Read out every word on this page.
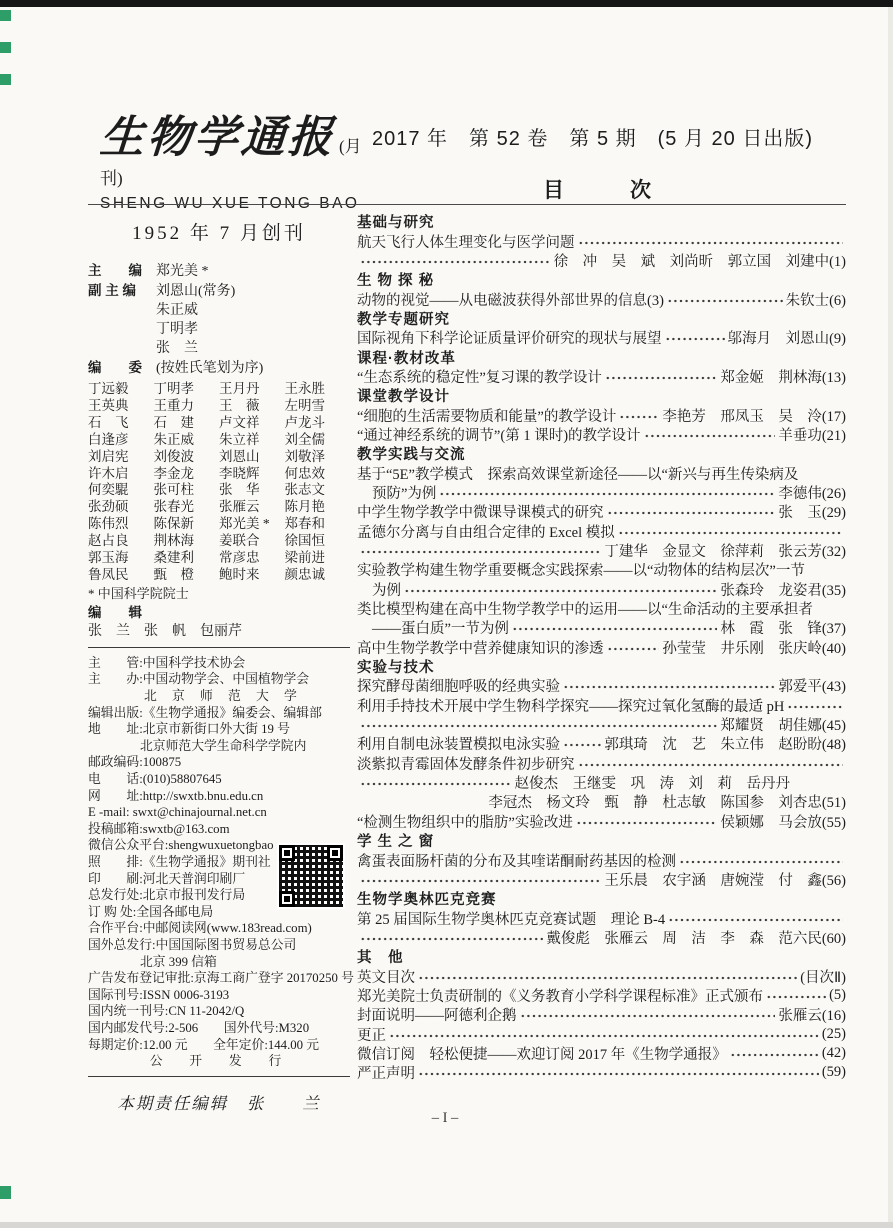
生物学通报 (月刊)
SHENG WU XUE TONG BAO
2017 年　第 52 卷　第 5 期　(5 月 20 日出版)
目　　次
1952 年 7 月创刊
主　　编 郑光美 *
副 主 编 刘恩山(常务)
朱正威
丁明孝
张　兰
编　　委 (按姓氏笔划为序)
丁远毅	丁明孝	王月丹	王永胜
王英典	王重力	王　薇	左明雪
石　飞	石　建	卢文祥	卢龙斗
白逢彦	朱正威	朱立祥	刘全儒
刘启宪	刘俊波	刘恩山	刘敬泽
许木启	李金龙	李晓辉	何忠效
何奕騉	张可柱	张　华	张志文
张劲硕	张春光	张雁云	陈月艳
陈伟烈	陈保新	郑光美 *	郑春和
赵占良	荆林海	姜联合	徐国恒
郭玉海	桑建利	常彦忠	梁前进
鲁凤民	甄　橙	鲍时来	颜忠诚
* 中国科学院院士
编　　辑
张　兰　张　帆　包丽芹
主　　管:中国科学技术协会
主　　办:中国动物学会、中国植物学会
北 京 师 范 大 学
编辑出版:《生物学通报》编委会、编辑部
地　　址:北京市新街口外大街 19 号
北京师范大学生命科学学院内
邮政编码:100875
电　　话:(010)58807645
网　　址:http://swxtb.bnu.edu.cn
E -mail: swxt@chinajournal.net.cn
投稿邮箱:swxtb@163.com
微信公众平台:shengwuxuetongbao
照　　排:《生物学通报》期刊社
印　　刷:河北天普润印刷厂
总发行处:北京市报刊发行局
订 购 处:全国各邮电局
合作平台:中邮阅读网(www.183read.com)
国外总发行:中国国际图书贸易总公司
北京 399 信箱
广告发布登记审批:京海工商广登字 20170250 号
国际刊号:ISSN 0006-3193
国内统一刊号:CN 11-2042/Q
国内邮发代号:2-506　　国外代号:M320
每期定价:12.00 元　　全年定价:144.00 元
公　开　发　行
本期责任编辑　张　　兰
基础与研究
航天飞行人体生理变化与医学问题
徐　冲　吴　斌　刘尚昕　郭立国　刘建中(1)
生 物 探 秘
动物的视觉——从电磁波获得外部世界的信息(3)	朱钦士(6)
教学专题研究
国际视角下科学论证质量评价研究的现状与展望	邬海月　刘恩山(9)
课程·教材改革
“生态系统的稳定性”复习课的教学设计	郑金姬　荆林海(13)
课堂教学设计
“细胞的生活需要物质和能量”的教学设计	李艳芳　邢凤玉　吴　泠(17)
“通过神经系统的调节”(第 1 课时)的教学设计	羊垂功(21)
教学实践与交流
基于“5E”教学模式　探索高效课堂新途径——以“新兴与再生传染病及
预防”为例	李德伟(26)
中学生物学教学中微课导课模式的研究	张　玉(29)
孟德尔分离与自由组合定律的 Excel 模拟
丁建华　金显文　徐萍莉　张云芳(32)
实验教学构建生物学重要概念实践探索——以“动物体的结构层次”一节
为例	张森玲　龙姿君(35)
类比模型构建在高中生物学教学中的运用——以“生命活动的主要承担者
——蛋白质”一节为例	林　霞　张　锋(37)
高中生物学教学中营养健康知识的渗透	孙莹莹　井乐刚　张庆岭(40)
实验与技术
探究酵母菌细胞呼吸的经典实验	郭爱平(43)
利用手持技术开展中学生物科学探究——探究过氧化氢酶的最适 pH
郑耀贤　胡佳娜(45)
利用自制电泳装置模拟电泳实验	郭琪琦　沈　艺　朱立伟　赵盼盼(48)
淡紫拟青霉固体发酵条件初步研究
赵俊杰　王继雯　巩　涛　刘　莉　岳丹丹
李冠杰　杨文玲　甄　静　杜志敏　陈国参　刘杏忠(51)
“检测生物组织中的脂肪”实验改进	侯颖娜　马会放(55)
学 生 之 窗
禽蛋表面肠杆菌的分布及其喹诺酮耐药基因的检测
王乐晨　农宇涵　唐婉滢　付　鑫(56)
生物学奥林匹克竞赛
第 25 届国际生物学奥林匹克竞赛试题　理论 B-4
戴俊彪　张雁云　周　洁　李　森　范六民(60)
其　他
英文目次	(目次Ⅱ)
郑光美院士负责研制的《义务教育小学科学课程标准》正式颁布	(5)
封面说明——阿德利企鹅	张雁云(16)
更正	(25)
微信订阅　轻松便捷——欢迎订阅 2017 年《生物学通报》	(42)
严正声明	(59)
– I –
